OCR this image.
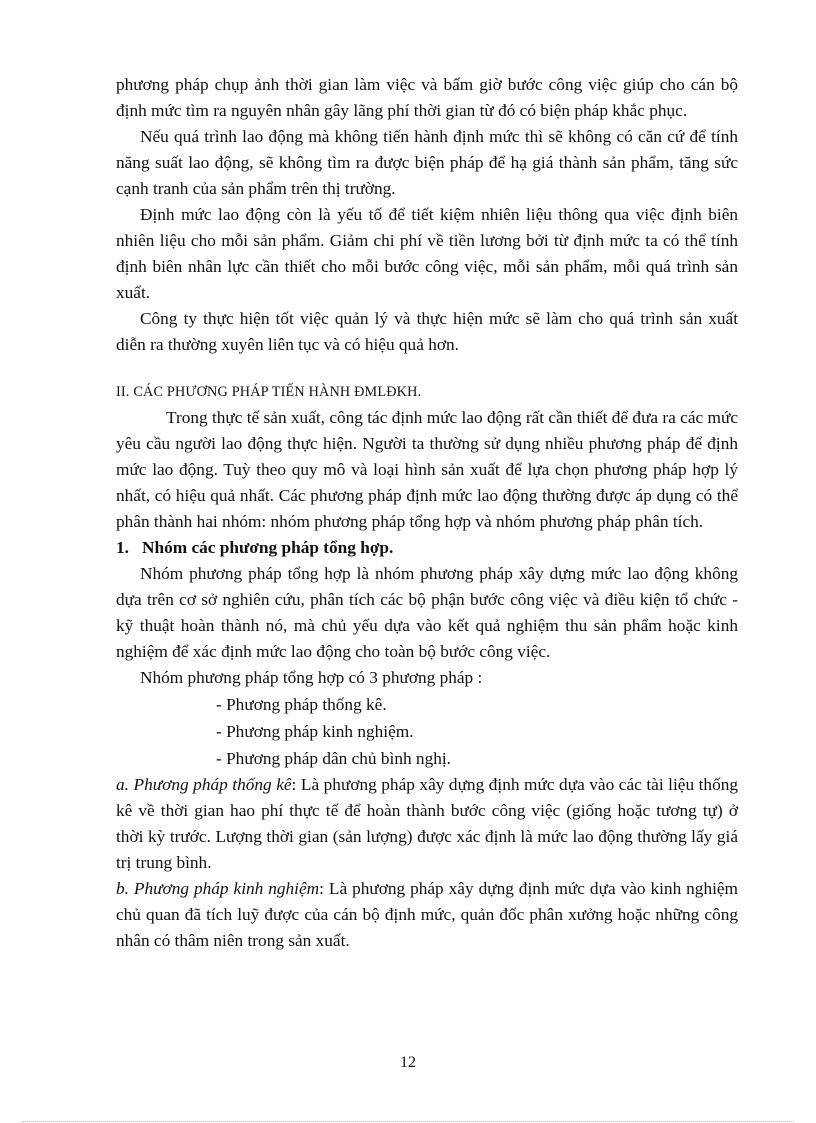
phương pháp chụp ảnh thời gian làm việc và bấm giờ bước công việc giúp cho cán bộ định mức tìm ra nguyên nhân gây lãng phí thời gian từ đó có biện pháp khắc phục.

Nếu quá trình lao động mà không tiến hành định mức thì sẽ không có căn cứ để tính năng suất lao động, sẽ không tìm ra được biện pháp để hạ giá thành sản phẩm, tăng sức cạnh tranh của sản phẩm trên thị trường.

Định mức lao động còn là yếu tố để tiết kiệm nhiên liệu thông qua việc định biên nhiên liệu cho mỗi sản phẩm. Giảm chi phí về tiền lương bởi từ định mức ta có thể tính định biên nhân lực cần thiết cho mỗi bước công việc, mỗi sản phẩm, mỗi quá trình sản xuất.

Công ty thực hiện tốt việc quản lý và thực hiện mức sẽ làm cho quá trình sản xuất diễn ra thường xuyên liên tục và có hiệu quả hơn.

II. CÁC PHƯƠNG PHÁP TIẾN HÀNH ĐMLĐKH.

Trong thực tế sản xuất, công tác định mức lao động rất cần thiết để đưa ra các mức yêu cầu người lao động thực hiện. Người ta thường sử dụng nhiều phương pháp để định mức lao động. Tuỳ theo quy mô và loại hình sản xuất để lựa chọn phương pháp hợp lý nhất, có hiệu quả nhất. Các phương pháp định mức lao động thường được áp dụng có thể phân thành hai nhóm: nhóm phương pháp tổng hợp và nhóm phương pháp phân tích.

1. Nhóm các phương pháp tổng hợp.

Nhóm phương pháp tổng hợp là nhóm phương pháp xây dựng mức lao động không dựa trên cơ sở nghiên cứu, phân tích các bộ phận bước công việc và điều kiện tổ chức - kỹ thuật hoàn thành nó, mà chủ yếu dựa vào kết quả nghiệm thu sản phẩm hoặc kinh nghiệm để xác định mức lao động cho toàn bộ bước công việc.

Nhóm phương pháp tổng hợp có 3 phương pháp :

- Phương pháp thống kê.

- Phương pháp kinh nghiệm.

- Phương pháp dân chủ bình nghị.

a. Phương pháp thống kê: Là phương pháp xây dựng định mức dựa vào các tài liệu thống kê về thời gian hao phí thực tế để hoàn thành bước công việc (giống hoặc tương tự) ở thời kỳ trước. Lượng thời gian (sản lượng) được xác định là mức lao động thường lấy giá trị trung bình.

b. Phương pháp kinh nghiệm: Là phương pháp xây dựng định mức dựa vào kinh nghiệm chủ quan đã tích luỹ được của cán bộ định mức, quản đốc phân xưởng hoặc những công nhân có thâm niên trong sản xuất.

12
